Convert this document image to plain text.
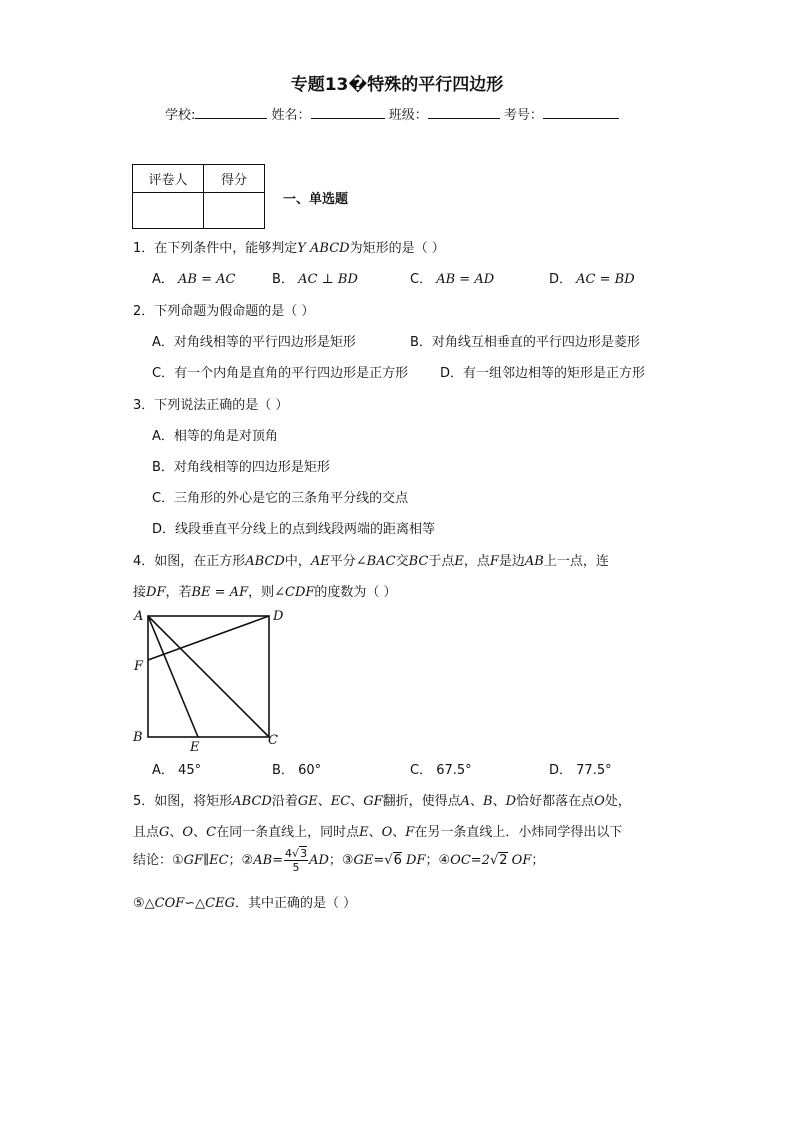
专题13�特殊的平行四边形
学校:	姓名：	班级：	考号：
评卷人	得分

一、单选题
1．在下列条件中，能够判定Y ABCD为矩形的是（ ）
A． AB = AC	B． AC ⊥ BD	C． AB = AD	D． AC = BD
2．下列命题为假命题的是（ ）
A．对角线相等的平行四边形是矩形	B．对角线互相垂直的平行四边形是菱形
C．有一个内角是直角的平行四边形是正方形 D．有一组邻边相等的矩形是正方形
3．下列说法正确的是（ ）
A．相等的角是对顶角
B．对角线相等的四边形是矩形
C．三角形的外心是它的三条角平分线的交点
D．线段垂直平分线上的点到线段两端的距离相等
4．如图，在正方形ABCD中，AE平分∠BAC交BC于点E，点F是边AB上一点，连
接DF，若BE = AF，则∠CDF的度数为（ ）
A	D
F
B
E	C
A． 45°	B． 60°	C． 67.5°	D． 77.5°
5．如图，将矩形ABCD沿着GE、EC、GF翻折，使得点A、B、D恰好都落在点O处，
且点G、O、C在同一条直线上，同时点E、O、F在另一条直线上．小炜同学得出以下
结论：①GF∥EC；②AB= $\frac{4√3}{5}$ AD；③GE=√6 DF；④OC=2√2 OF；
⑤△COF∽△CEG．其中正确的是（ ）
